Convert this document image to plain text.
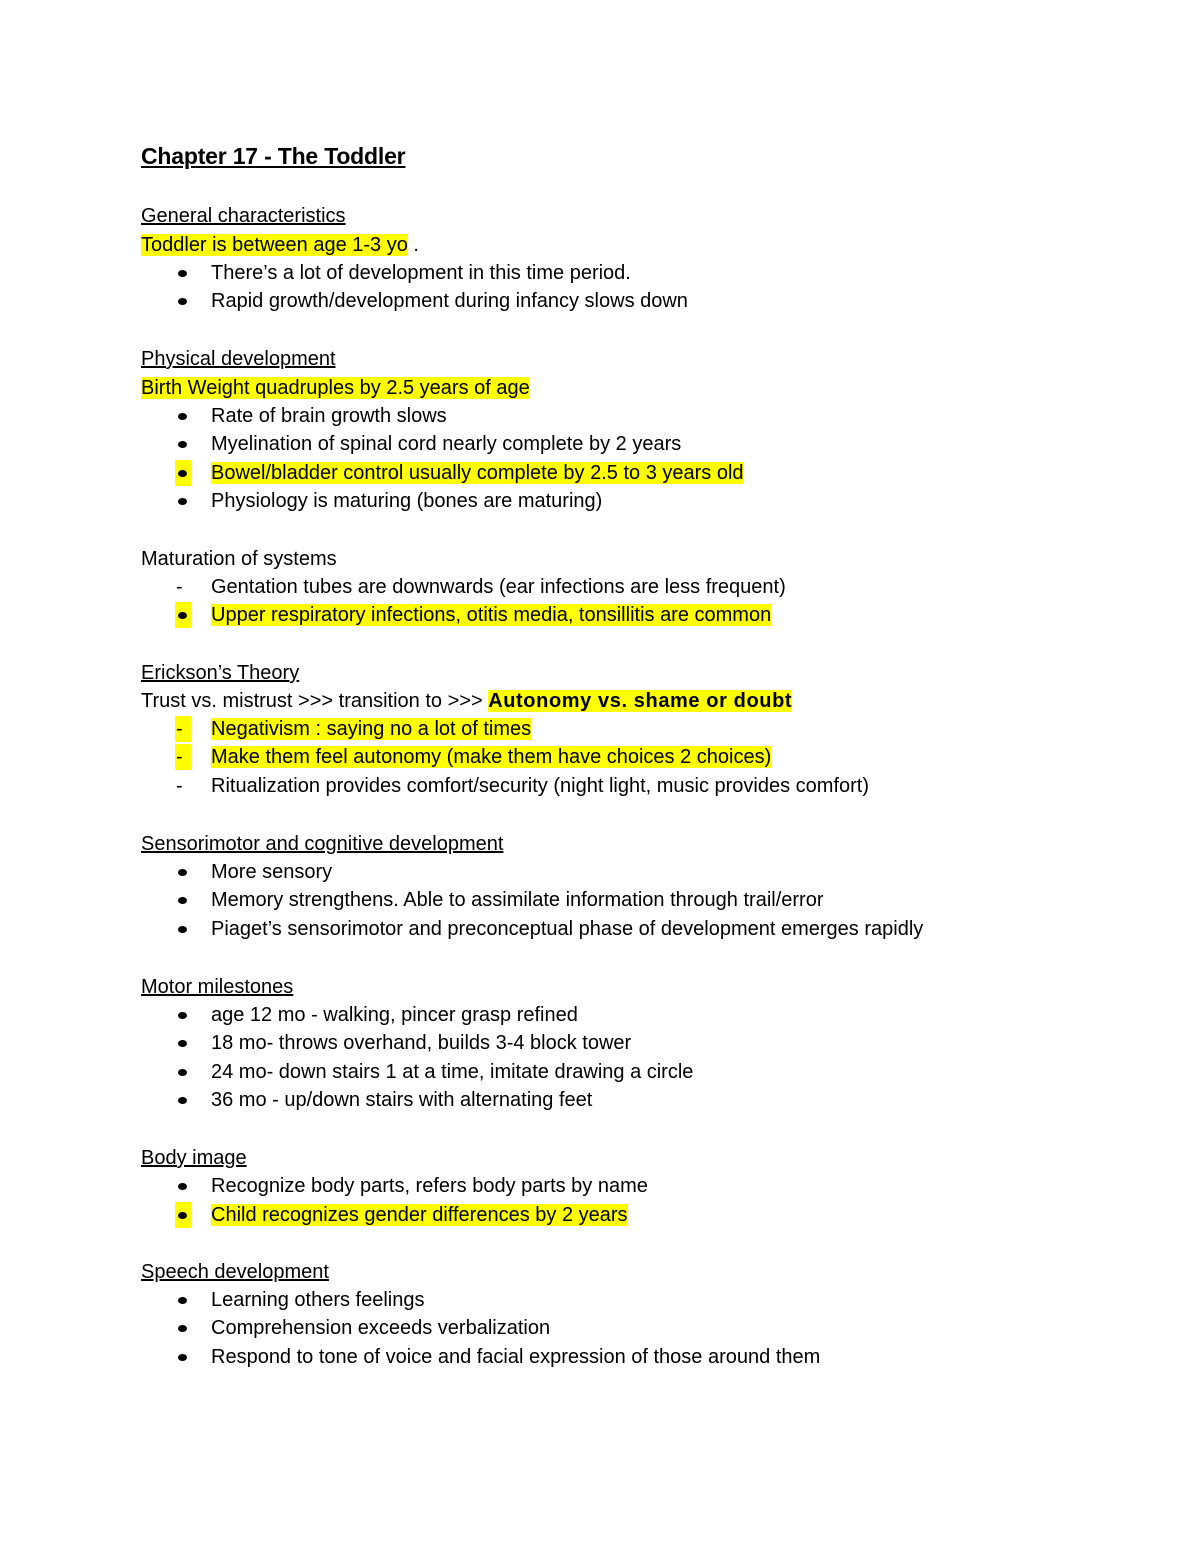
Chapter 17 - The Toddler
General characteristics
Toddler is between age 1-3 yo .
There’s a lot of development in this time period.
Rapid growth/development during infancy slows down
Physical development
Birth Weight quadruples by 2.5 years of age
Rate of brain growth slows
Myelination of spinal cord nearly complete by 2 years
Bowel/bladder control usually complete by 2.5 to 3 years old
Physiology is maturing (bones are maturing)
Maturation of systems
- Gentation tubes are downwards (ear infections are less frequent)
Upper respiratory infections, otitis media, tonsillitis are common
Erickson’s Theory
Trust vs. mistrust >>> transition to >>> Autonomy vs. shame or doubt
- Negativism : saying no a lot of times
- Make them feel autonomy (make them have choices 2 choices)
- Ritualization provides comfort/security (night light, music provides comfort)
Sensorimotor and cognitive development
More sensory
Memory strengthens. Able to assimilate information through trail/error
Piaget’s sensorimotor and preconceptual phase of development emerges rapidly
Motor milestones
age 12 mo - walking, pincer grasp refined
18 mo- throws overhand, builds 3-4 block tower
24 mo- down stairs 1 at a time, imitate drawing a circle
36 mo - up/down stairs with alternating feet
Body image
Recognize body parts, refers body parts by name
Child recognizes gender differences by 2 years
Speech development
Learning others feelings
Comprehension exceeds verbalization
Respond to tone of voice and facial expression of those around them
